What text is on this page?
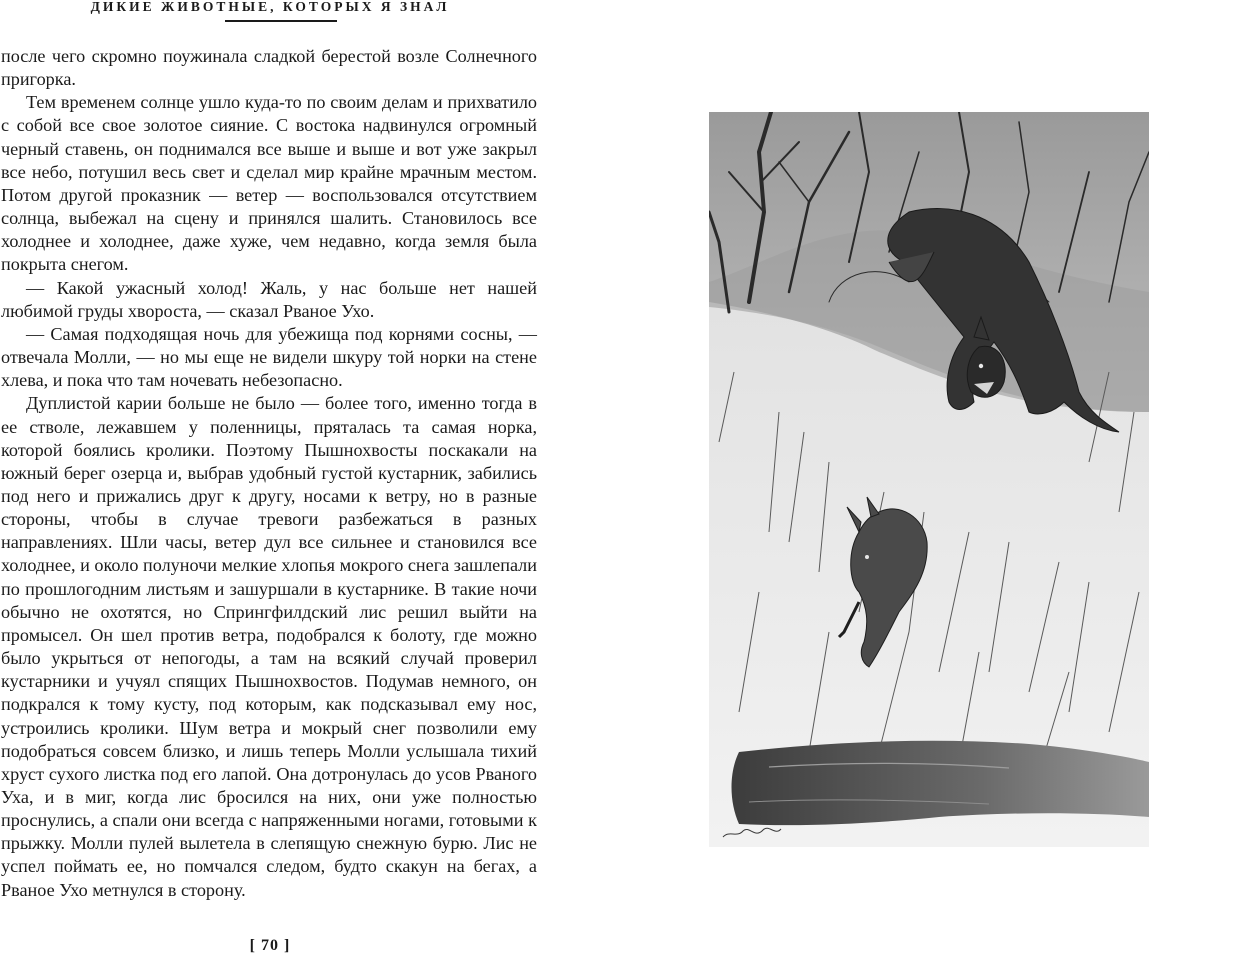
ДИКИЕ ЖИВОТНЫЕ, КОТОРЫХ Я ЗНАЛ

после чего скромно поужинала сладкой берестой возле Солнечного пригорка.

Тем временем солнце ушло куда-то по своим делам и прихватило с собой все свое золотое сияние. С востока надвинулся огромный черный ставень, он поднимался все выше и выше и вот уже закрыл все небо, потушил весь свет и сделал мир крайне мрачным местом. Потом другой проказник — ветер — воспользовался отсутствием солнца, выбежал на сцену и принялся шалить. Становилось все холоднее и холоднее, даже хуже, чем недавно, когда земля была покрыта снегом.

— Какой ужасный холод! Жаль, у нас больше нет нашей любимой груды хвороста, — сказал Рваное Ухо.

— Самая подходящая ночь для убежища под корнями сосны, — отвечала Молли, — но мы еще не видели шкуру той норки на стене хлева, и пока что там ночевать небезопасно.

Дуплистой карии больше не было — более того, именно тогда в ее стволе, лежавшем у поленницы, пряталась та самая норка, которой боялись кролики. Поэтому Пышнохвосты поскакали на южный берег озерца и, выбрав удобный густой кустарник, забились под него и прижались друг к другу, носами к ветру, но в разные стороны, чтобы в случае тревоги разбежаться в разных направлениях. Шли часы, ветер дул все сильнее и становился все холоднее, и около полуночи мелкие хлопья мокрого снега зашлепали по прошлогодним листьям и зашуршали в кустарнике. В такие ночи обычно не охотятся, но Спрингфилдский лис решил выйти на промысел. Он шел против ветра, подобрался к болоту, где можно было укрыться от непогоды, а там на всякий случай проверил кустарники и учуял спящих Пышнохвостов. Подумав немного, он подкрался к тому кусту, под которым, как подсказывал ему нос, устроились кролики. Шум ветра и мокрый снег позволили ему подобраться совсем близко, и лишь теперь Молли услышала тихий хруст сухого листка под его лапой. Она дотронулась до усов Рваного Уха, и в миг, когда лис бросился на них, они уже полностью проснулись, а спали они всегда с напряженными ногами, готовыми к прыжку. Молли пулей вылетела в слепящую снежную бурю. Лис не успел поймать ее, но помчался следом, будто скакун на бегах, а Рваное Ухо метнулся в сторону.

[ 70 ]
